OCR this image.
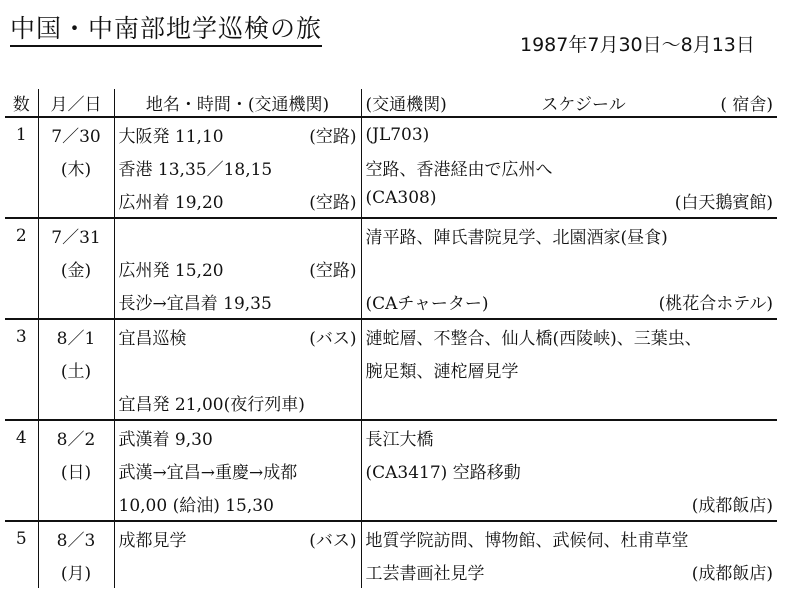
中国・中南部地学巡検の旅
1987年7月30日～8月13日
数	月／日	地名・時間・(交通機関)	(交通機関) スケジール ( 宿舎)

1	7／30	大阪発 11,10 (空路)	(JL703)

	(木)	香港 13,35／18,15	空路、香港経由で広州へ

		広州着 19,20 (空路)	(CA308) (白天鵝賓館)

2	7／31		清平路、陣氏書院見学、北園酒家(昼食)

	(金)	広州発 15,20 (空路)	

		長沙→宜昌着 19,35	(CAチャーター) (桃花合ホテル)

3	8／1	宜昌巡検 (バス)	漣蛇層、不整合、仙人橋(西陵峡)、三葉虫、

	(土)		腕足類、漣柁層見学

		宜昌発 21,00(夜行列車)	

4	8／2	武漢着 9,30	長江大橋

	(日)	武漢→宜昌→重慶→成都	(CA3417) 空路移動

		10,00 (給油) 15,30	(成都飯店)

5	8／3	成都見学 (バス)	地質学院訪問、博物館、武候伺、杜甫草堂

	(月)		工芸書画社見学 (成都飯店)
